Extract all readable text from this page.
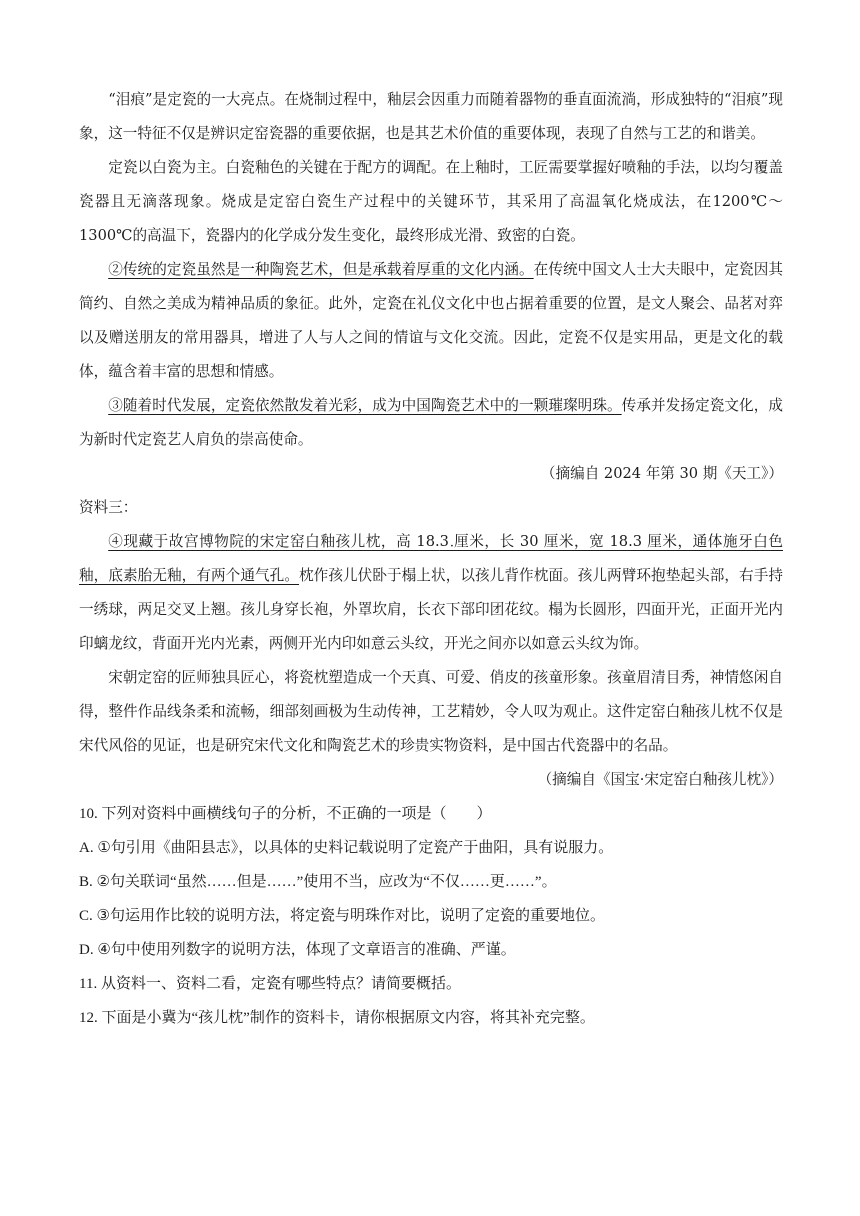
“泪痕”是定瓷的一大亮点。在烧制过程中，釉层会因重力而随着器物的垂直面流淌，形成独特的“泪痕”现象，这一特征不仅是辨识定窑瓷器的重要依据，也是其艺术价值的重要体现，表现了自然与工艺的和谐美。

定瓷以白瓷为主。白瓷釉色的关键在于配方的调配。在上釉时，工匠需要掌握好喷釉的手法，以均匀覆盖瓷器且无滴落现象。烧成是定窑白瓷生产过程中的关键环节，其采用了高温氧化烧成法，在1200℃～1300℃的高温下，瓷器内的化学成分发生变化，最终形成光滑、致密的白瓷。

②传统的定瓷虽然是一种陶瓷艺术，但是承载着厚重的文化内涵。在传统中国文人士大夫眼中，定瓷因其简约、自然之美成为精神品质的象征。此外，定瓷在礼仪文化中也占据着重要的位置，是文人聚会、品茗对弈以及赠送朋友的常用器具，增进了人与人之间的情谊与文化交流。因此，定瓷不仅是实用品，更是文化的载体，蕴含着丰富的思想和情感。

③随着时代发展，定瓷依然散发着光彩，成为中国陶瓷艺术中的一颗璀璨明珠。传承并发扬定瓷文化，成为新时代定瓷艺人肩负的崇高使命。

（摘编自 2024 年第 30 期《天工》）

资料三：

④现藏于故宫博物院的宋定窑白釉孩儿枕，高 18. ·3 厘米，长 30 厘米，宽 18.3 厘米，通体施牙白色釉，底素胎无釉，有两个通气孔。枕作孩儿伏卧于榻上状，以孩儿背作枕面。孩儿两臂环抱垫起头部，右手持一绣球，两足交叉上翘。孩儿身穿长袍，外罩坎肩，长衣下部印团花纹。榻为长圆形，四面开光，正面开光内印螭龙纹，背面开光内光素，两侧开光内印如意云头纹，开光之间亦以如意云头纹为饰。

宋朝定窑的匠师独具匠心，将瓷枕塑造成一个天真、可爱、俏皮的孩童形象。孩童眉清目秀，神情悠闲自得，整件作品线条柔和流畅，细部刻画极为生动传神，工艺精妙，令人叹为观止。这件定窑白釉孩儿枕不仅是宋代风俗的见证，也是研究宋代文化和陶瓷艺术的珍贵实物资料，是中国古代瓷器中的名品。

（摘编自《国宝·宋定窑白釉孩儿枕》）

10. 下列对资料中画横线句子的分析，不正确的一项是（　　）

A. ①句引用《曲阳县志》，以具体的史料记载说明了定瓷产于曲阳，具有说服力。

B. ②句关联词“虽然……但是……”使用不当，应改为“不仅……更……”。

C. ③句运用作比较的说明方法，将定瓷与明珠作对比，说明了定瓷的重要地位。

D. ④句中使用列数字的说明方法，体现了文章语言的准确、严谨。

11. 从资料一、资料二看，定瓷有哪些特点？请简要概括。

12. 下面是小冀为“孩儿枕”制作的资料卡，请你根据原文内容，将其补充完整。
